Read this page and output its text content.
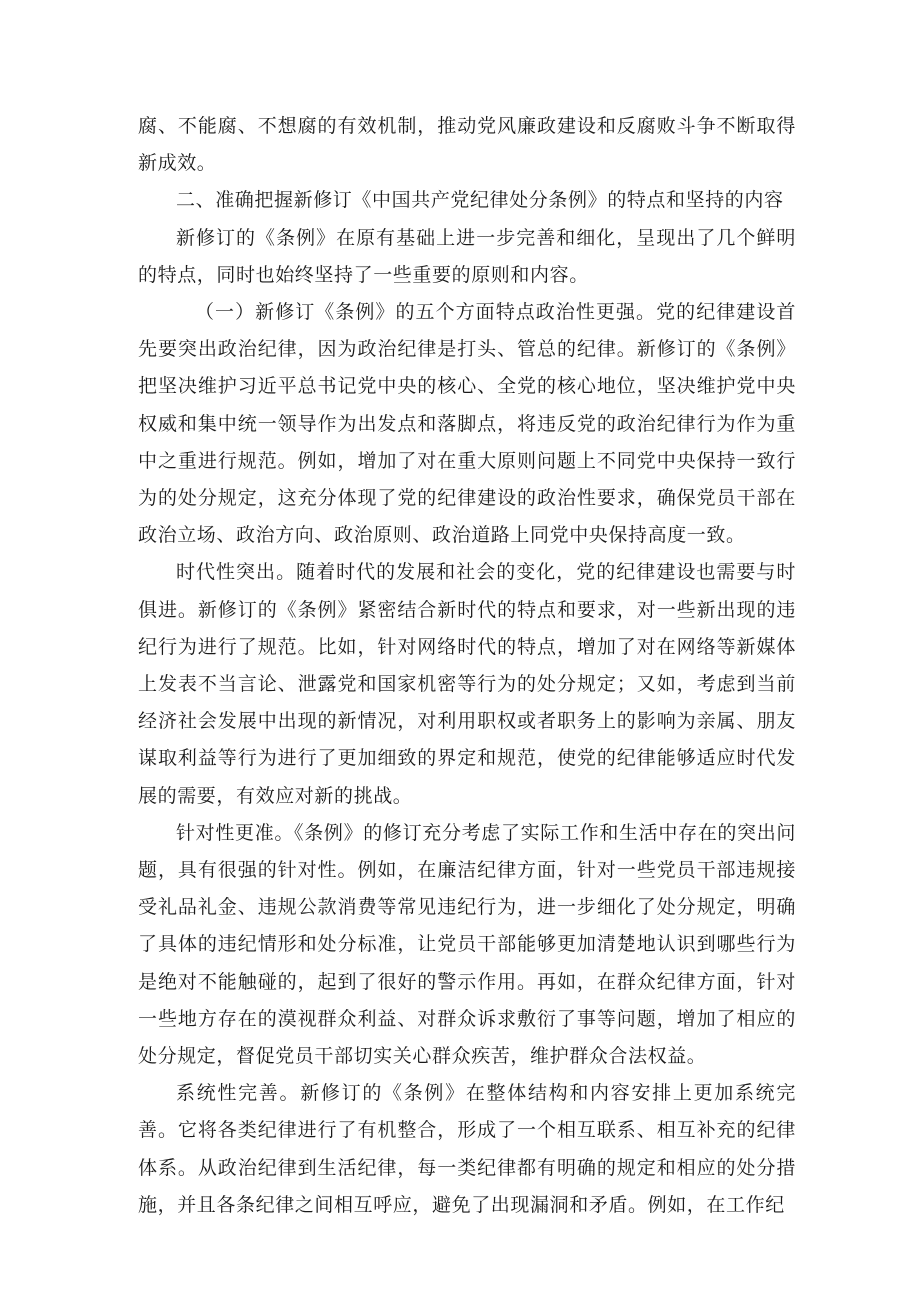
腐、不能腐、不想腐的有效机制，推动党风廉政建设和反腐败斗争不断取得新成效。

二、准确把握新修订《中国共产党纪律处分条例》的特点和坚持的内容

新修订的《条例》在原有基础上进一步完善和细化，呈现出了几个鲜明的特点，同时也始终坚持了一些重要的原则和内容。

（一）新修订《条例》的五个方面特点政治性更强。党的纪律建设首先要突出政治纪律，因为政治纪律是打头、管总的纪律。新修订的《条例》把坚决维护习近平总书记党中央的核心、全党的核心地位，坚决维护党中央权威和集中统一领导作为出发点和落脚点，将违反党的政治纪律行为作为重中之重进行规范。例如，增加了对在重大原则问题上不同党中央保持一致行为的处分规定，这充分体现了党的纪律建设的政治性要求，确保党员干部在政治立场、政治方向、政治原则、政治道路上同党中央保持高度一致。

时代性突出。随着时代的发展和社会的变化，党的纪律建设也需要与时俱进。新修订的《条例》紧密结合新时代的特点和要求，对一些新出现的违纪行为进行了规范。比如，针对网络时代的特点，增加了对在网络等新媒体上发表不当言论、泄露党和国家机密等行为的处分规定；又如，考虑到当前经济社会发展中出现的新情况，对利用职权或者职务上的影响为亲属、朋友谋取利益等行为进行了更加细致的界定和规范，使党的纪律能够适应时代发展的需要，有效应对新的挑战。

针对性更准。《条例》的修订充分考虑了实际工作和生活中存在的突出问题，具有很强的针对性。例如，在廉洁纪律方面，针对一些党员干部违规接受礼品礼金、违规公款消费等常见违纪行为，进一步细化了处分规定，明确了具体的违纪情形和处分标准，让党员干部能够更加清楚地认识到哪些行为是绝对不能触碰的，起到了很好的警示作用。再如，在群众纪律方面，针对一些地方存在的漠视群众利益、对群众诉求敷衍了事等问题，增加了相应的处分规定，督促党员干部切实关心群众疾苦，维护群众合法权益。

系统性完善。新修订的《条例》在整体结构和内容安排上更加系统完善。它将各类纪律进行了有机整合，形成了一个相互联系、相互补充的纪律体系。从政治纪律到生活纪律，每一类纪律都有明确的规定和相应的处分措施，并且各条纪律之间相互呼应，避免了出现漏洞和矛盾。例如，在工作纪
